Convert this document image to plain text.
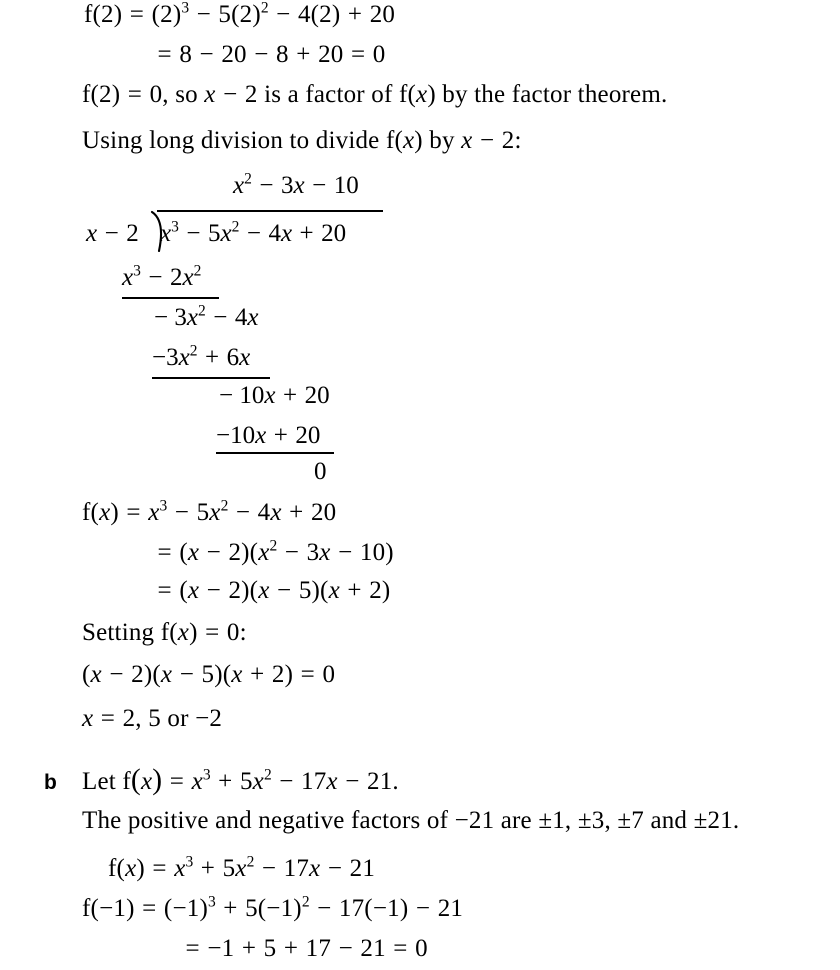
$f(2) = (2)^3 - 5(2)^2 - 4(2) + 20$
= 8 − 20 − 8 + 20 = 0
f(2) = 0, so x − 2 is a factor of f(x) by the factor theorem.
Using long division to divide f(x) by x − 2:
$x^2 - 3x - 10$
x − 2 $x^3 - 5x^2 - 4x + 20$
$x^3 - 2x^2$
− $3x^2 - 4x$
$-3x^2 + 6x$
− 10x + 20
−10x + 20
0
$f(x) = x^3 - 5x^2 - 4x + 20$
= $(x - 2)(x^2 - 3x - 10)$
= (x − 2)(x − 5)(x + 2)
Setting f(x) = 0:
(x − 2)(x − 5)(x + 2) = 0
x = 2, 5 or −2
b Let $f(x) = x^3 + 5x^2 - 17x - 21$.
The positive and negative factors of −21 are ±1, ±3, ±7 and ±21.
$f(x) = x^3 + 5x^2 - 17x - 21$
$f(-1) = (-1)^3 + 5(-1)^2 - 17(-1) - 21$
= −1 + 5 + 17 − 21 = 0
